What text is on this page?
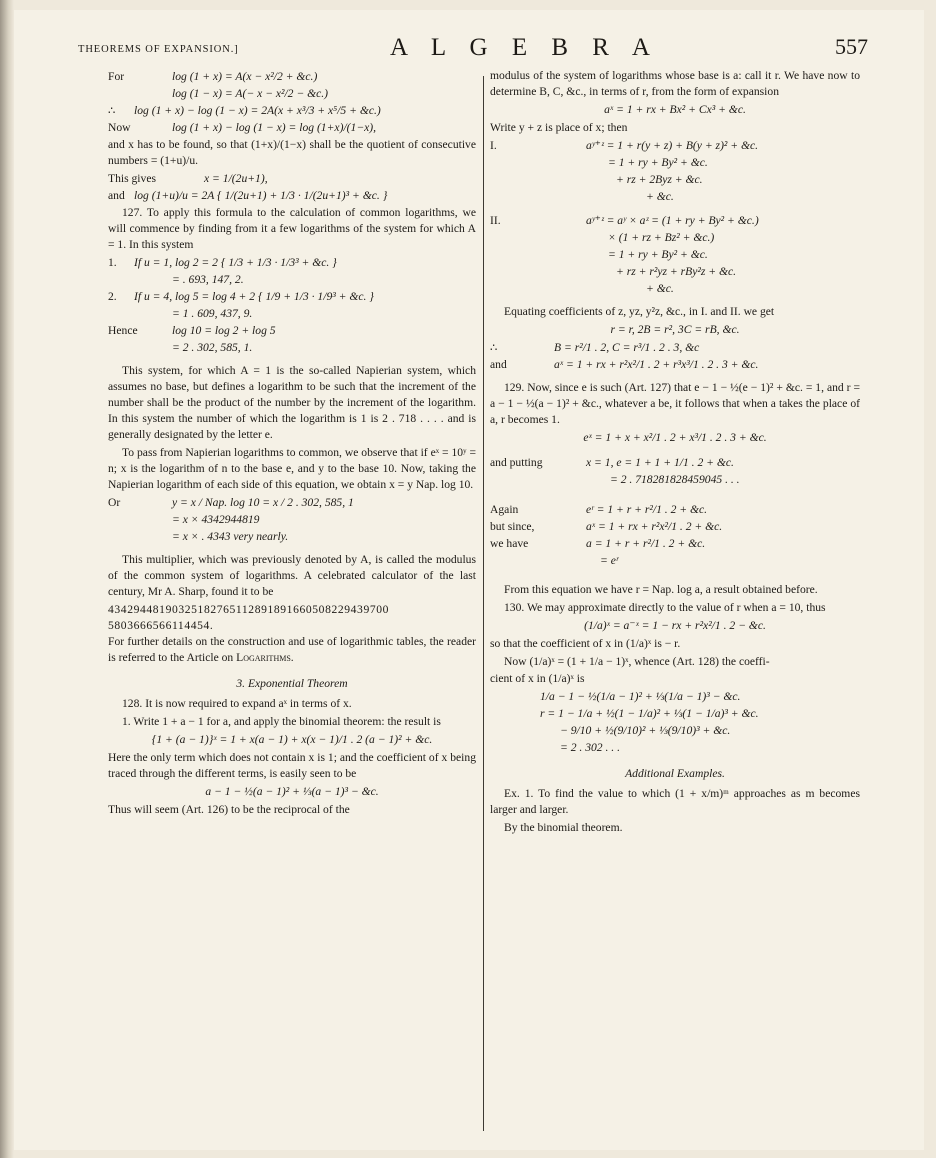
THEOREMS OF EXPANSION.]	A L G E B R A	557
For	log (1 + x) = A(x − x²/2 + &c.)
log (1 − x) = A(− x − x²/2 − &c.)
∴	log (1 + x) − log (1 − x) = 2A(x + x³/3 + x⁵/5 + &c.)
Now	log (1 + x) − log (1 − x) = log (1+x)/(1−x),

and x has to be found, so that (1+x)/(1−x) shall be the quotient of consecutive numbers = (1+u)/u.

This gives	x = 1/(2u+1),
and log (1+u)/u = 2A { 1/(2u+1) + 1/3 · 1/(2u+1)³ + &c. }

127. To apply this formula to the calculation of common logarithms, we will commence by finding from it a few logarithms of the system for which A = 1. In this system

1.	If u = 1, log 2 = 2 { 1/3 + 1/3 · 1/3³ + &c. }
= . 693, 147, 2.
2.	If u = 4, log 5 = log 4 + 2 { 1/9 + 1/3 · 1/9³ + &c. }
= 1 . 609, 437, 9.
Hence	log 10 = log 2 + log 5
= 2 . 302, 585, 1.

This system, for which A = 1 is the so-called Napierian system, which assumes no base, but defines a logarithm to be such that the increment of the number shall be the product of the number by the increment of the logarithm. In this system the number of which the logarithm is 1 is 2 . 718 . . . . and is generally designated by the letter e.

To pass from Napierian logarithms to common, we observe that if eˣ = 10ʸ = n; x is the logarithm of n to the base e, and y to the base 10. Now, taking the Napierian logarithm of each side of this equation, we obtain x = y Nap. log 10.

Or	y = x / Nap. log 10 = x / 2 . 302, 585, 1
= x × 4342944819
= x × . 4343 very nearly.

This multiplier, which was previously denoted by A, is called the modulus of the common system of logarithms. A celebrated calculator of the last century, Mr A. Sharp, found it to be

43429448190325182765112891891660508229439700
5803666566114454.

For further details on the construction and use of logarithmic tables, the reader is referred to the Article on Logarithms.

3. Exponential Theorem

128. It is now required to expand aˣ in terms of x.

1. Write 1 + a − 1 for a, and apply the binomial theorem: the result is

{1 + (a − 1)}ˣ = 1 + x(a − 1) + x(x − 1)/1 . 2 (a − 1)² + &c.

Here the only term which does not contain x is 1; and the coefficient of x being traced through the different terms, is easily seen to be

a − 1 − ½(a − 1)² + ⅓(a − 1)³ − &c.

Thus will seem (Art. 126) to be the reciprocal of the

modulus of the system of logarithms whose base is a: call it r. We have now to determine B, C, &c., in terms of r, from the form of expansion

aˣ = 1 + rx + Bx² + Cx³ + &c.

Write y + z is place of x; then

I.	aʸ⁺ᶻ = 1 + r(y + z) + B(y + z)² + &c.
= 1 + ry + By² + &c.
+ rz + 2Byz + &c.
+ &c.
II.	aʸ⁺ᶻ = aʸ × aᶻ = (1 + ry + By² + &c.)
× (1 + rz + Bz² + &c.)
= 1 + ry + By² + &c.
+ rz + r²yz + rBy²z + &c.
+ &c.

Equating coefficients of z, yz, y²z, &c., in I. and II. we get

r = r, 2B = r², 3C = rB, &c.
∴	B = r²/1 . 2, C = r³/1 . 2 . 3, &c
and	aˣ = 1 + rx + r²x²/1 . 2 + r³x³/1 . 2 . 3 + &c.

129. Now, since e is such (Art. 127) that e − 1 − ½(e − 1)² + &c. = 1, and r = a − 1 − ½(a − 1)² + &c., whatever a be, it follows that when a takes the place of a, r becomes 1.

eˣ = 1 + x + x²/1 . 2 + x³/1 . 2 . 3 + &c.
and putting	x = 1, e = 1 + 1 + 1/1 . 2 + &c.
= 2 . 718281828459045 . . .
Again	eʳ = 1 + r + r²/1 . 2 + &c.
but since,	aˣ = 1 + rx + r²x²/1 . 2 + &c.
we have	a = 1 + r + r²/1 . 2 + &c.
= eʳ

From this equation we have r = Nap. log a, a result obtained before.

130. We may approximate directly to the value of r when a = 10, thus

(1/a)ˣ = a⁻ˣ = 1 − rx + r²x²/1 . 2 − &c.

so that the coefficient of x in (1/a)ˣ is − r.

Now (1/a)ˣ = (1 + 1/a − 1)ˣ, whence (Art. 128) the coeffi-

cient of x in (1/a)ˣ is

1/a − 1 − ½(1/a − 1)² + ⅓(1/a − 1)³ − &c.
r = 1 − 1/a + ½(1 − 1/a)² + ⅓(1 − 1/a)³ + &c.
− 9/10 + ½(9/10)² + ⅓(9/10)³ + &c.
= 2 . 302 . . .
Additional Examples.

Ex. 1. To find the value to which (1 + x/m)ᵐ approaches as m becomes larger and larger.

By the binomial theorem.
